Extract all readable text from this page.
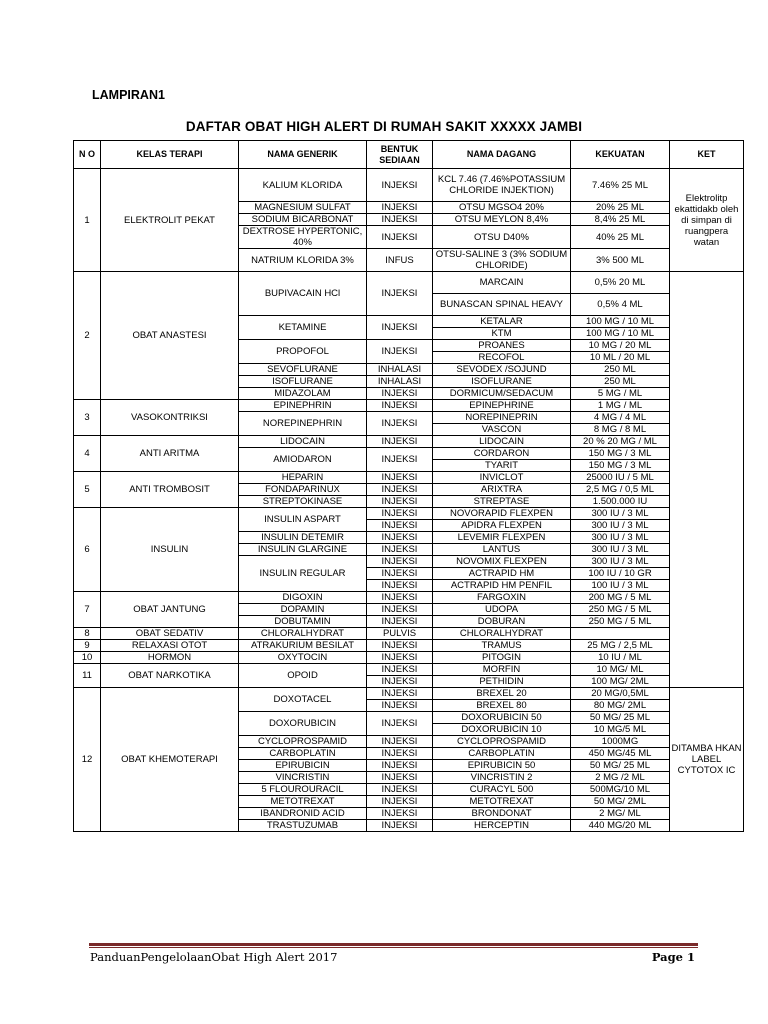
LAMPIRAN1
DAFTAR OBAT HIGH ALERT DI RUMAH SAKIT XXXXX JAMBI
N O	KELAS TERAPI	NAMA GENERIK	BENTUK SEDIAAN	NAMA DAGANG	KEKUATAN	KET
1	ELEKTROLIT PEKAT	KALIUM KLORIDA	INJEKSI	KCL 7.46 (7.46%POTASSIUM CHLORIDE INJEKTION)	7.46% 25 ML	Elektrolitp ekattidakb oleh di simpan di ruangpera watan
		MAGNESIUM SULFAT	INJEKSI	OTSU MGSO4 20%	20% 25 ML	
		SODIUM BICARBONAT	INJEKSI	OTSU MEYLON 8,4%	8,4% 25 ML	
		DEXTROSE HYPERTONIC, 40%	INJEKSI	OTSU D40%	40% 25 ML	
		NATRIUM KLORIDA 3%	INFUS	OTSU-SALINE 3 (3% SODIUM CHLORIDE)	3% 500 ML	
2	OBAT ANASTESI	BUPIVACAIN HCl	INJEKSI	MARCAIN	0,5% 20 ML	
				BUNASCAN SPINAL HEAVY	0,5% 4 ML	
		KETAMINE	INJEKSI	KETALAR	100 MG / 10 ML	
				KTM	100 MG / 10 ML	
		PROPOFOL	INJEKSI	PROANES	10 MG / 20 ML	
				RECOFOL	10 ML / 20 ML	
		SEVOFLURANE	INHALASI	SEVODEX /SOJUND	250 ML	
		ISOFLURANE	INHALASI	ISOFLURANE	250 ML	
		MIDAZOLAM	INJEKSI	DORMICUM/SEDACUM	5 MG / ML	
3	VASOKONTRIKSI	EPINEPHRIN	INJEKSI	EPINEPHRINE	1 MG / ML	
		NOREPINEPHRIN	INJEKSI	NOREPINEPRIN	4 MG / 4 ML	
				VASCON	8 MG / 8 ML	
4	ANTI ARITMA	LIDOCAIN	INJEKSI	LIDOCAIN	20 % 20 MG / ML	
		AMIODARON	INJEKSI	CORDARON	150 MG / 3 ML	
				TYARIT	150 MG / 3 ML	
5	ANTI TROMBOSIT	HEPARIN	INJEKSI	INVICLOT	25000 IU / 5 ML	
		FONDAPARINUX	INJEKSI	ARIXTRA	2,5 MG / 0,5 ML	
		STREPTOKINASE	INJEKSI	STREPTASE	1.500.000 IU	
6	INSULIN	INSULIN ASPART	INJEKSI	NOVORAPID FLEXPEN	300 IU / 3 ML	
			INJEKSI	APIDRA FLEXPEN	300 IU / 3 ML	
		INSULIN DETEMIR	INJEKSI	LEVEMIR FLEXPEN	300 IU / 3 ML	
		INSULIN GLARGINE	INJEKSI	LANTUS	300 IU / 3 ML	
		INSULIN REGULAR	INJEKSI	NOVOMIX FLEXPEN	300 IU / 3 ML	
			INJEKSI	ACTRAPID HM	100 IU / 10 GR	
			INJEKSI	ACTRAPID HM PENFIL	100 IU / 3 ML	
7	OBAT JANTUNG	DIGOXIN	INJEKSI	FARGOXIN	200 MG / 5 ML	
		DOPAMIN	INJEKSI	UDOPA	250 MG / 5 ML	
		DOBUTAMIN	INJEKSI	DOBURAN	250 MG / 5 ML	
8	OBAT SEDATIV	CHLORALHYDRAT	PULVIS	CHLORALHYDRAT		
9	RELAXASI OTOT	ATRAKURIUM BESILAT	INJEKSI	TRAMUS	25 MG / 2,5 ML	
10	HORMON	OXYTOCIN	INJEKSI	PITOGIN	10 IU / ML	
11	OBAT NARKOTIKA	OPOID	INJEKSI	MORFIN	10 MG/ ML	
			INJEKSI	PETHIDIN	100 MG/ 2ML	
12	OBAT KHEMOTERAPI	DOXOTACEL	INJEKSI	BREXEL 20	20 MG/0,5ML	DITAMBA HKAN LABEL CYTOTOX IC
			INJEKSI	BREXEL 80	80 MG/ 2ML	
		DOXORUBICIN	INJEKSI	DOXORUBICIN 50	50 MG/ 25 ML	
				DOXORUBICIN 10	10 MG/5 ML	
		CYCLOPROSPAMID	INJEKSI	CYCLOPROSPAMID	1000MG	
		CARBOPLATIN	INJEKSI	CARBOPLATIN	450 MG/45 ML	
		EPIRUBICIN	INJEKSI	EPIRUBICIN 50	50 MG/ 25 ML	
		VINCRISTIN	INJEKSI	VINCRISTIN 2	2 MG /2 ML	
		5 FLOUROURACIL	INJEKSI	CURACYL 500	500MG/10 ML	
		METOTREXAT	INJEKSI	METOTREXAT	50 MG/ 2ML	
		IBANDRONID ACID	INJEKSI	BRONDONAT	2 MG/ ML	
		TRASTUZUMAB	INJEKSI	HERCEPTIN	440 MG/20 ML	
PanduanPengelolaanObat High Alert 2017	Page 1
